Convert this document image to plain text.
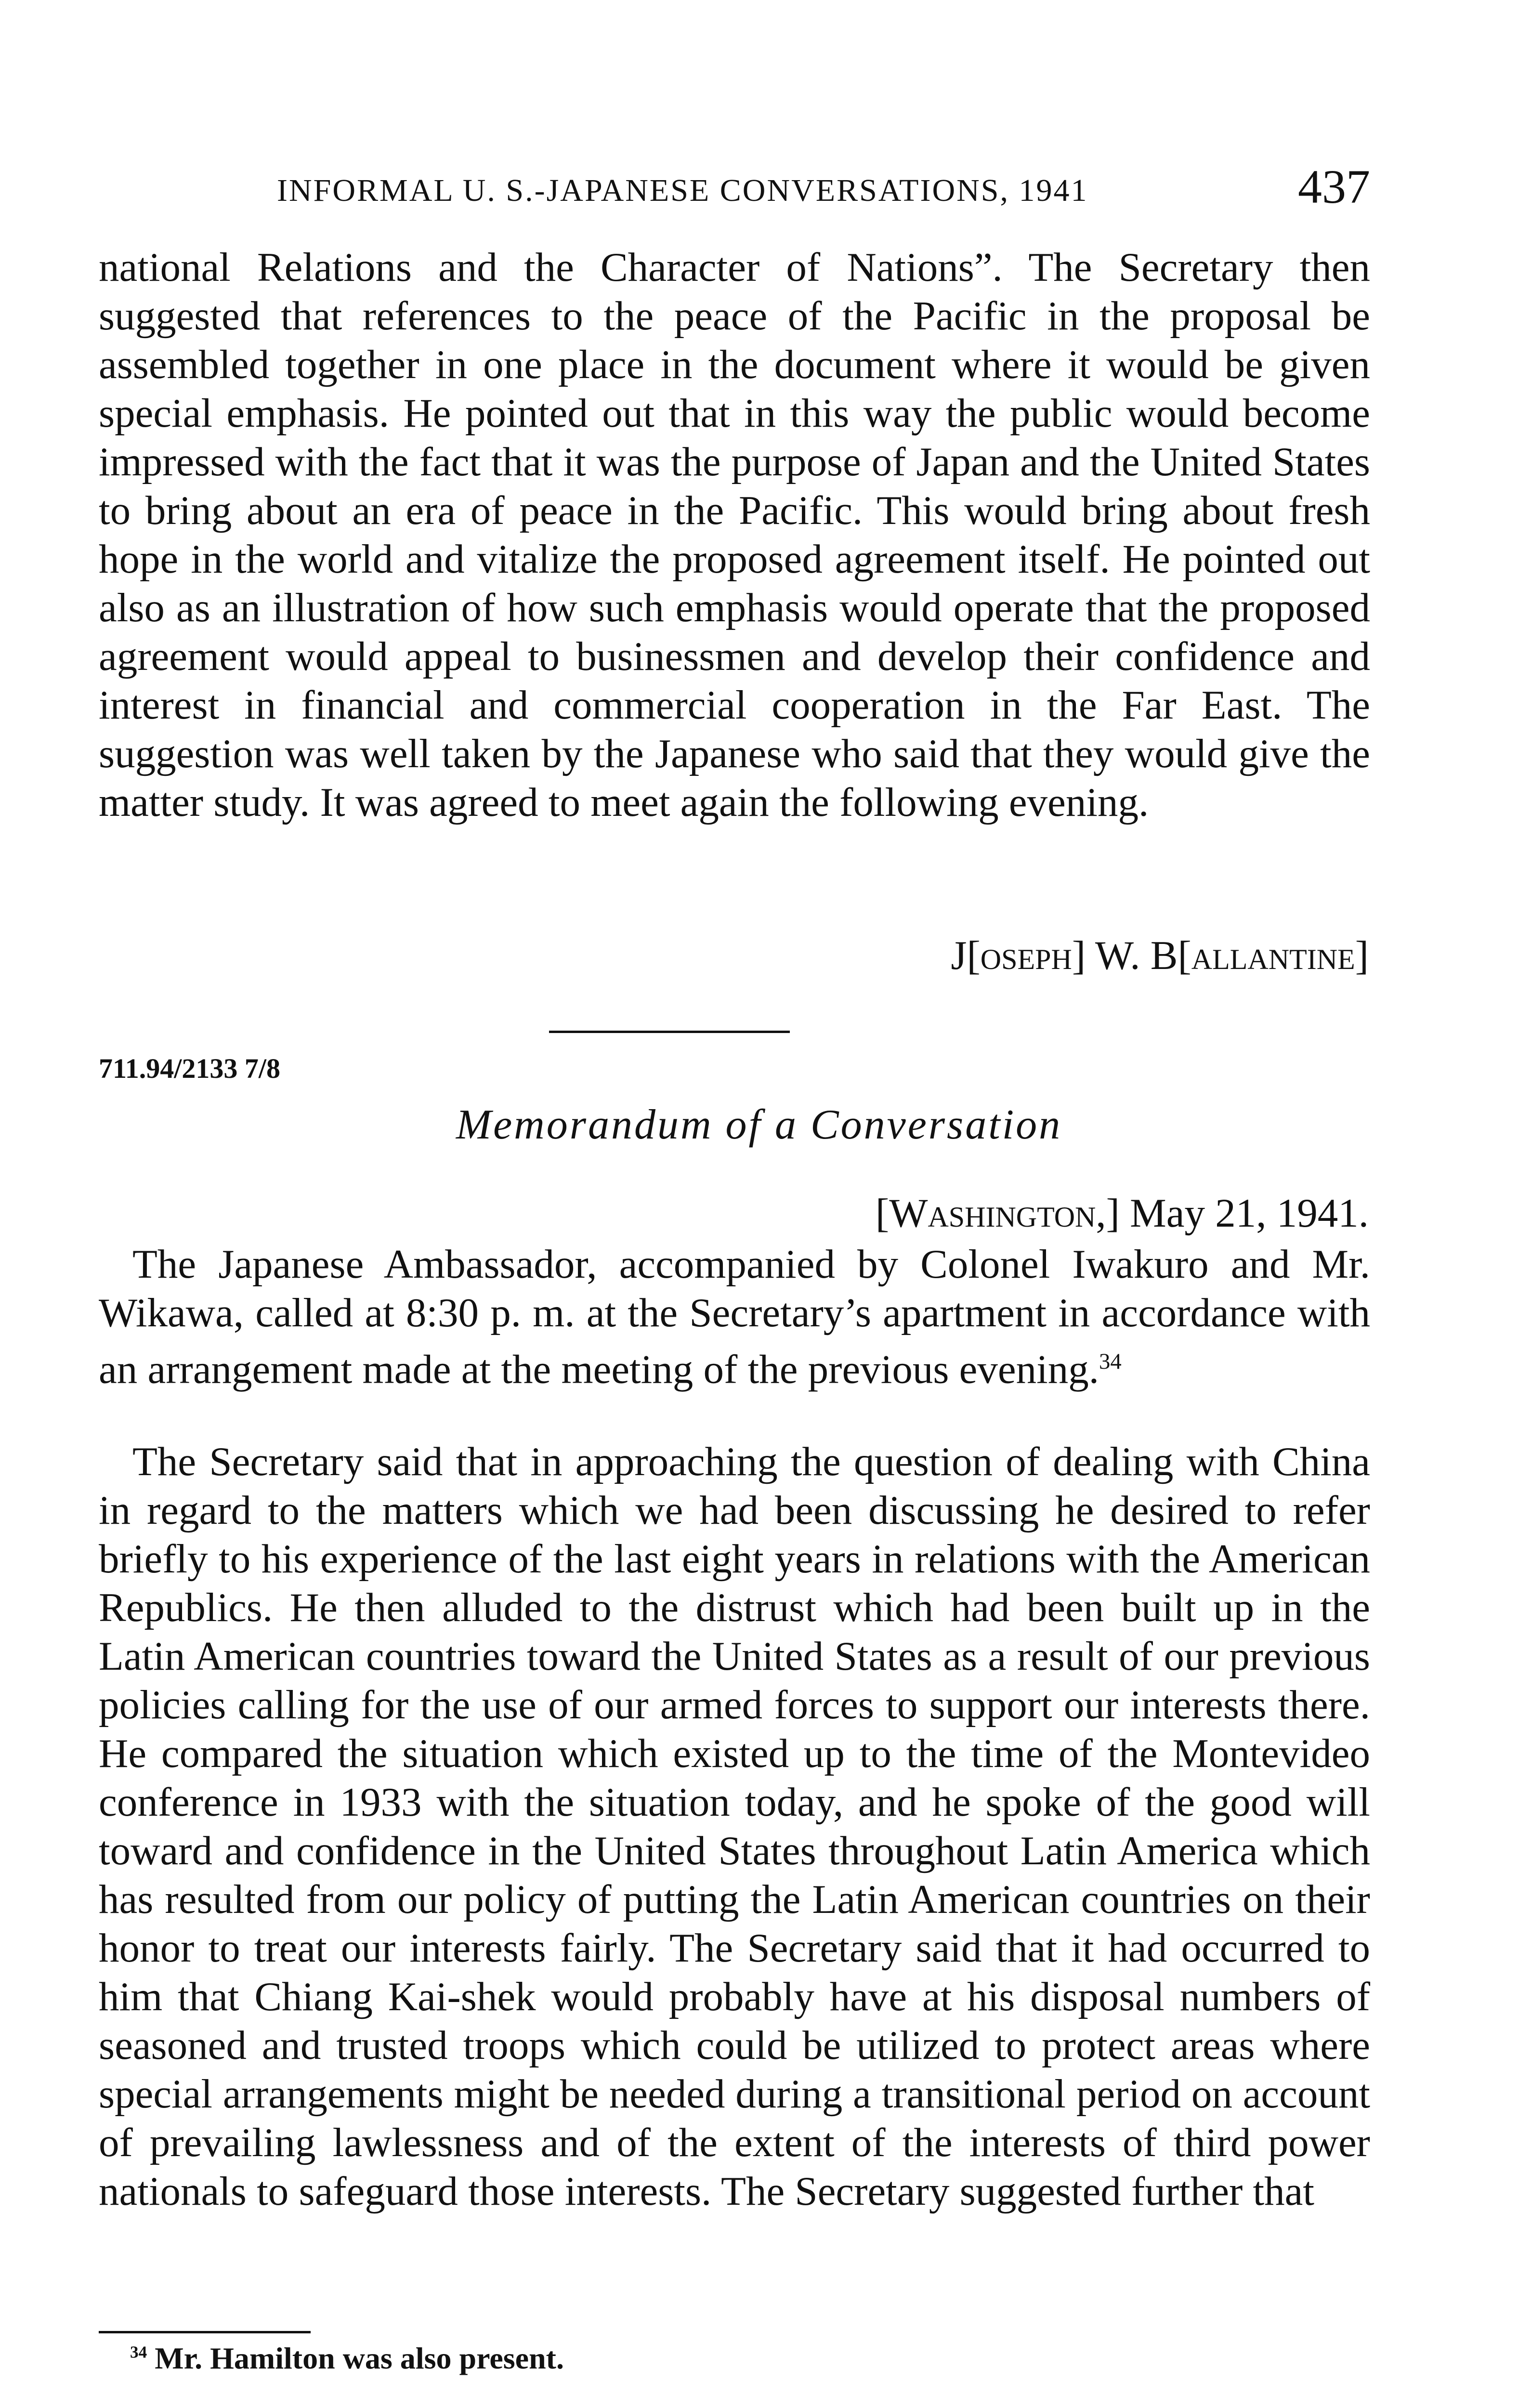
INFORMAL U. S.-JAPANESE CONVERSATIONS, 1941	437

national Relations and the Character of Nations”. The Secretary then suggested that references to the peace of the Pacific in the proposal be assembled together in one place in the document where it would be given special emphasis. He pointed out that in this way the public would become impressed with the fact that it was the purpose of Japan and the United States to bring about an era of peace in the Pacific. This would bring about fresh hope in the world and vitalize the proposed agreement itself. He pointed out also as an illustration of how such emphasis would operate that the proposed agreement would appeal to businessmen and develop their confidence and interest in financial and commercial cooperation in the Far East. The suggestion was well taken by the Japanese who said that they would give the matter study. It was agreed to meet again the following evening.

J[oseph] W. B[allantine]
711.94/2133 7/8
Memorandum of a Conversation
[Washington,] May 21, 1941.

The Japanese Ambassador, accompanied by Colonel Iwakuro and Mr. Wikawa, called at 8:30 p. m. at the Secretary’s apartment in accordance with an arrangement made at the meeting of the previous evening.$^{34}$

The Secretary said that in approaching the question of dealing with China in regard to the matters which we had been discussing he desired to refer briefly to his experience of the last eight years in relations with the American Republics. He then alluded to the distrust which had been built up in the Latin American countries toward the United States as a result of our previous policies calling for the use of our armed forces to support our interests there. He compared the situation which existed up to the time of the Montevideo conference in 1933 with the situation today, and he spoke of the good will toward and confidence in the United States throughout Latin America which has resulted from our policy of putting the Latin American countries on their honor to treat our interests fairly. The Secretary said that it had occurred to him that Chiang Kai-shek would probably have at his disposal numbers of seasoned and trusted troops which could be utilized to protect areas where special arrangements might be needed during a transitional period on account of prevailing lawlessness and of the extent of the interests of third power nationals to safeguard those interests. The Secretary suggested further that

$^{34}$ Mr. Hamilton was also present.
